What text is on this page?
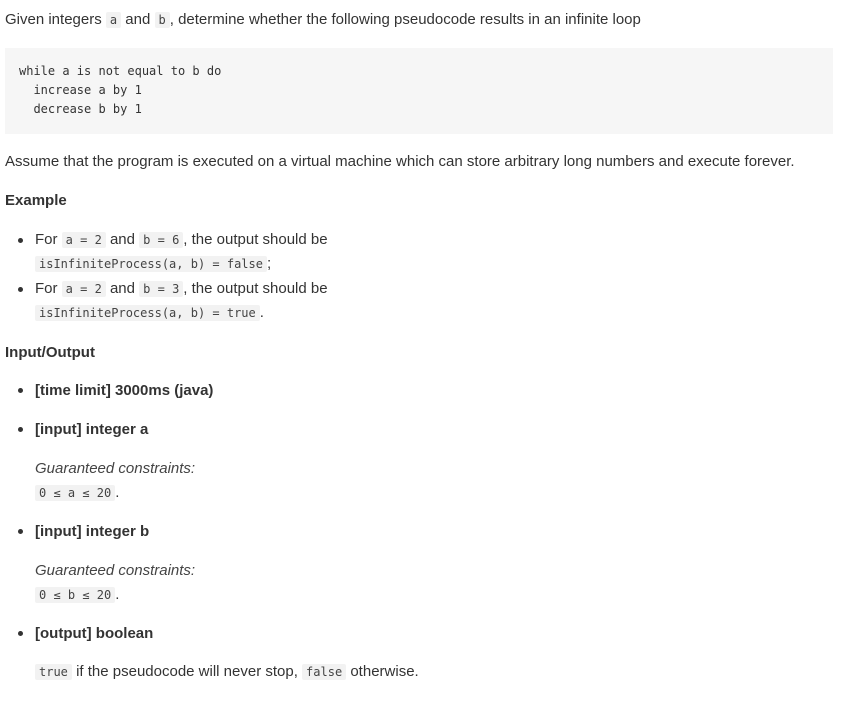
Given integers a and b , determine whether the following pseudocode results in an infinite loop
while a is not equal to b do
increase a by 1
decrease b by 1
Assume that the program is executed on a virtual machine which can store arbitrary long numbers and execute forever.
Example
For a = 2 and b = 6 , the output should be
isInfiniteProcess(a, b) = false ;
For a = 2 and b = 3 , the output should be
isInfiniteProcess(a, b) = true .
Input/Output
[time limit] 3000ms (java)
[input] integer a
Guaranteed constraints:
0 ≤ a ≤ 20 .
[input] integer b
Guaranteed constraints:
0 ≤ b ≤ 20 .
[output] boolean
true if the pseudocode will never stop, false otherwise.
